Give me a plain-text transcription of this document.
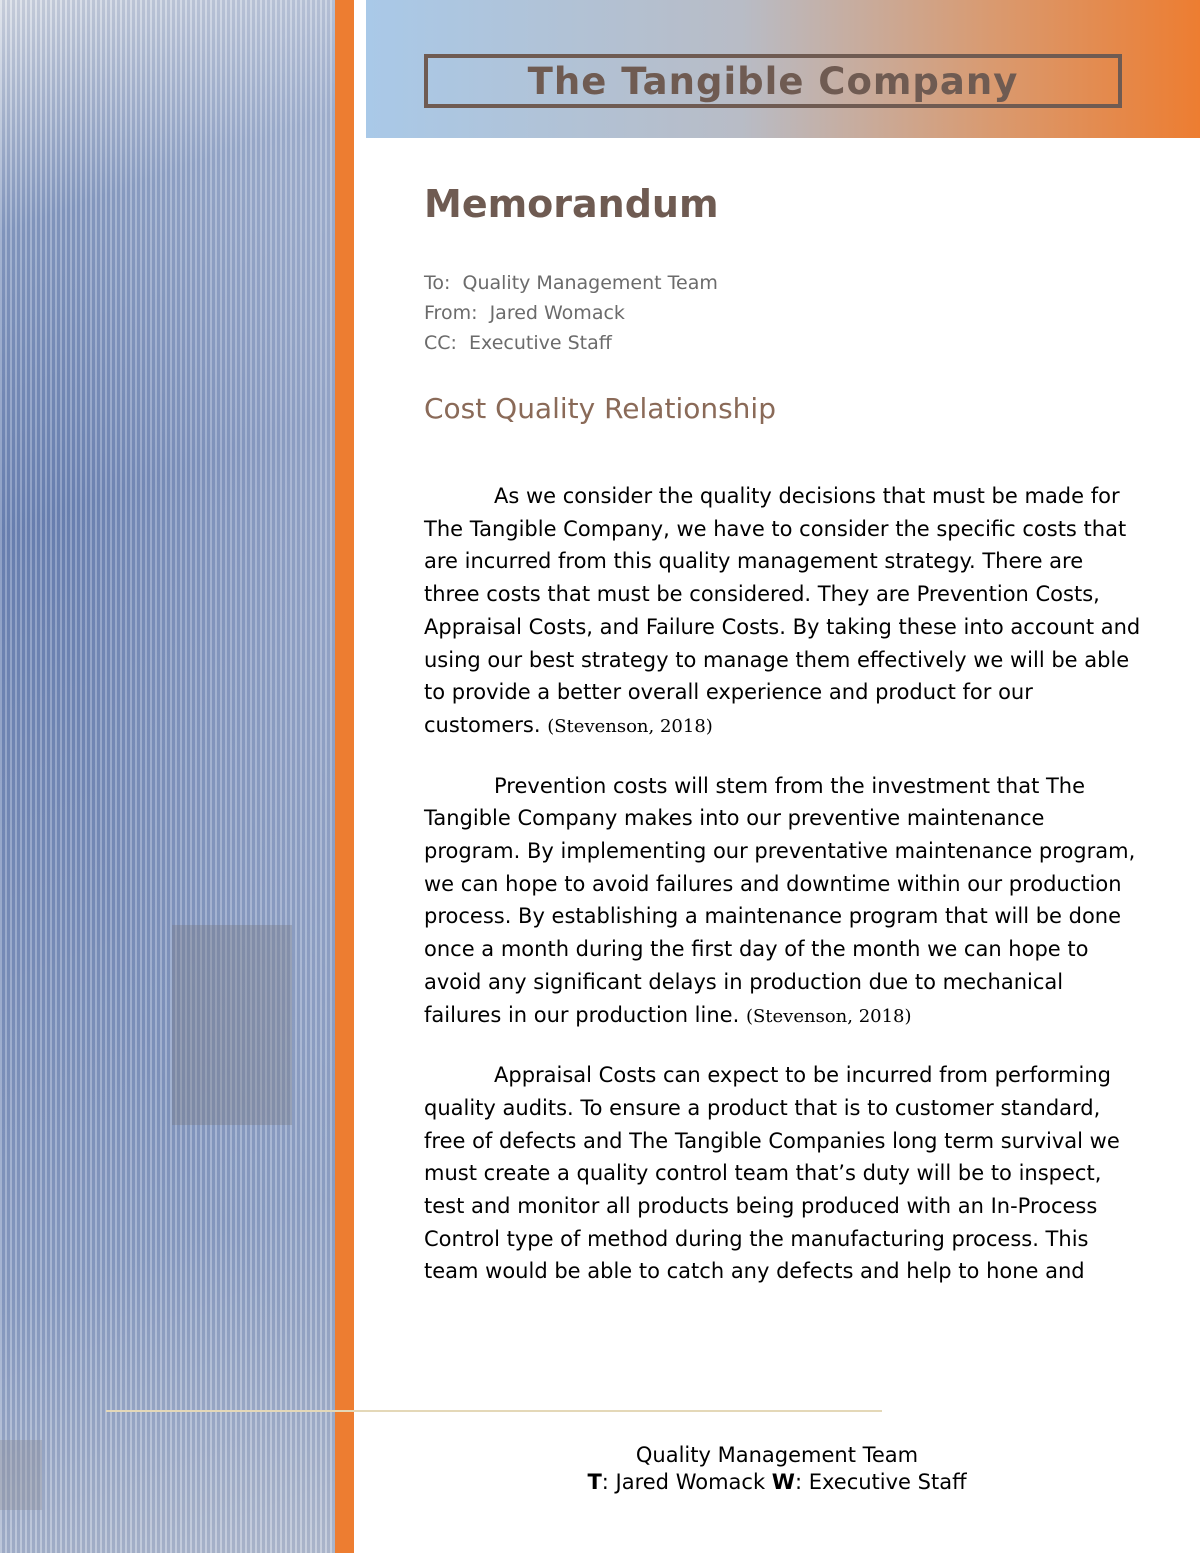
The Tangible Company
Memorandum
To: Quality Management Team
From: Jared Womack
CC: Executive Staff
Cost Quality Relationship

As we consider the quality decisions that must be made for The Tangible Company, we have to consider the specific costs that are incurred from this quality management strategy. There are three costs that must be considered. They are Prevention Costs, Appraisal Costs, and Failure Costs. By taking these into account and using our best strategy to manage them effectively we will be able to provide a better overall experience and product for our customers. (Stevenson, 2018)

Prevention costs will stem from the investment that The Tangible Company makes into our preventive maintenance program. By implementing our preventative maintenance program, we can hope to avoid failures and downtime within our production process. By establishing a maintenance program that will be done once a month during the first day of the month we can hope to avoid any significant delays in production due to mechanical failures in our production line. (Stevenson, 2018)

Appraisal Costs can expect to be incurred from performing quality audits. To ensure a product that is to customer standard, free of defects and The Tangible Companies long term survival we must create a quality control team that’s duty will be to inspect, test and monitor all products being produced with an In-Process Control type of method during the manufacturing process. This team would be able to catch any defects and help to hone and

Quality Management Team
T: Jared Womack W: Executive Staff
